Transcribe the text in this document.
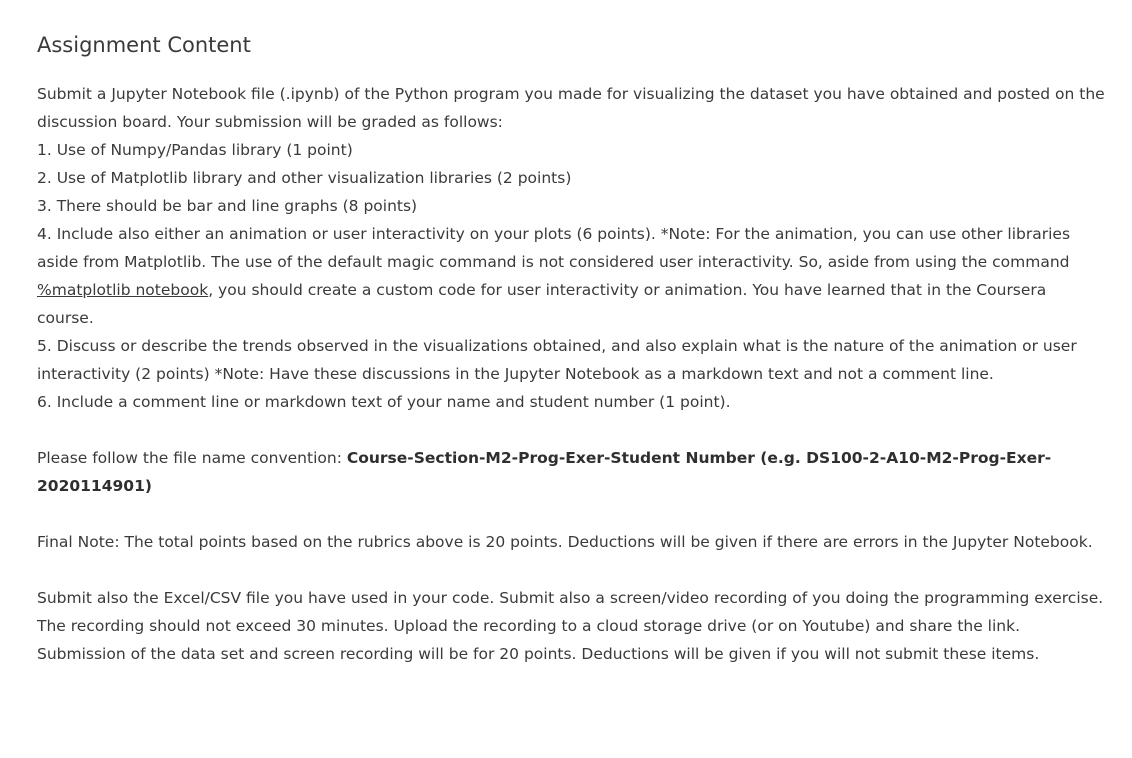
Assignment Content

Submit a Jupyter Notebook file (.ipynb) of the Python program you made for visualizing the dataset you have obtained and posted on the discussion board. Your submission will be graded as follows:

1. Use of Numpy/Pandas library (1 point)

2. Use of Matplotlib library and other visualization libraries (2 points)

3. There should be bar and line graphs (8 points)

4. Include also either an animation or user interactivity on your plots (6 points). *Note: For the animation, you can use other libraries aside from Matplotlib. The use of the default magic command is not considered user interactivity. So, aside from using the command %matplotlib notebook, you should create a custom code for user interactivity or animation. You have learned that in the Coursera course.

5. Discuss or describe the trends observed in the visualizations obtained, and also explain what is the nature of the animation or user interactivity (2 points) *Note: Have these discussions in the Jupyter Notebook as a markdown text and not a comment line.

6. Include a comment line or markdown text of your name and student number (1 point).

Please follow the file name convention: Course-Section-M2-Prog-Exer-Student Number (e.g. DS100-2-A10-M2-Prog-Exer-2020114901)

Final Note: The total points based on the rubrics above is 20 points. Deductions will be given if there are errors in the Jupyter Notebook.

Submit also the Excel/CSV file you have used in your code. Submit also a screen/video recording of you doing the programming exercise. The recording should not exceed 30 minutes. Upload the recording to a cloud storage drive (or on Youtube) and share the link. Submission of the data set and screen recording will be for 20 points. Deductions will be given if you will not submit these items.
